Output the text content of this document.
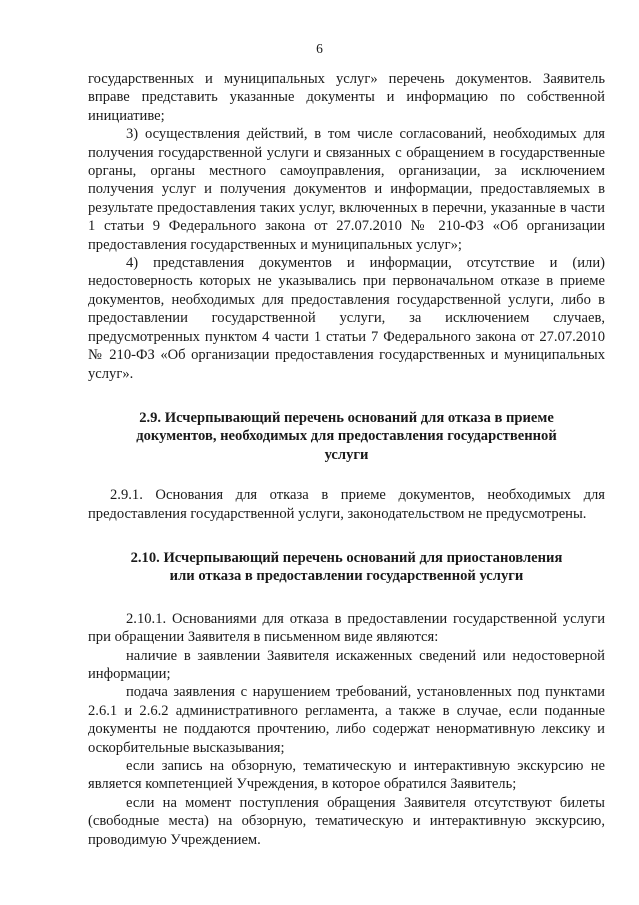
6

государственных и муниципальных услуг» перечень документов. Заявитель вправе представить указанные документы и информацию по собственной инициативе;

3) осуществления действий, в том числе согласований, необходимых для получения государственной услуги и связанных с обращением в государственные органы, органы местного самоуправления, организации, за исключением получения услуг и получения документов и информации, предоставляемых в результате предоставления таких услуг, включенных в перечни, указанные в части 1 статьи 9 Федерального закона от 27.07.2010 № 210-ФЗ «Об организации предоставления государственных и муниципальных услуг»;

4) представления документов и информации, отсутствие и (или) недостоверность которых не указывались при первоначальном отказе в приеме документов, необходимых для предоставления государственной услуги, либо в предоставлении государственной услуги, за исключением случаев, предусмотренных пунктом 4 части 1 статьи 7 Федерального закона от 27.07.2010 № 210-ФЗ «Об организации предоставления государственных и муниципальных услуг».

2.9. Исчерпывающий перечень оснований для отказа в приеме
документов, необходимых для предоставления государственной
услуги

2.9.1. Основания для отказа в приеме документов, необходимых для предоставления государственной услуги, законодательством не предусмотрены.

2.10. Исчерпывающий перечень оснований для приостановления
или отказа в предоставлении государственной услуги

2.10.1. Основаниями для отказа в предоставлении государственной услуги при обращении Заявителя в письменном виде являются:

наличие в заявлении Заявителя искаженных сведений или недостоверной информации;

подача заявления с нарушением требований, установленных под пунктами 2.6.1 и 2.6.2 административного регламента, а также в случае, если поданные документы не поддаются прочтению, либо содержат ненормативную лексику и оскорбительные высказывания;

если запись на обзорную, тематическую и интерактивную экскурсию не является компетенцией Учреждения, в которое обратился Заявитель;

если на момент поступления обращения Заявителя отсутствуют билеты (свободные места) на обзорную, тематическую и интерактивную экскурсию, проводимую Учреждением.
